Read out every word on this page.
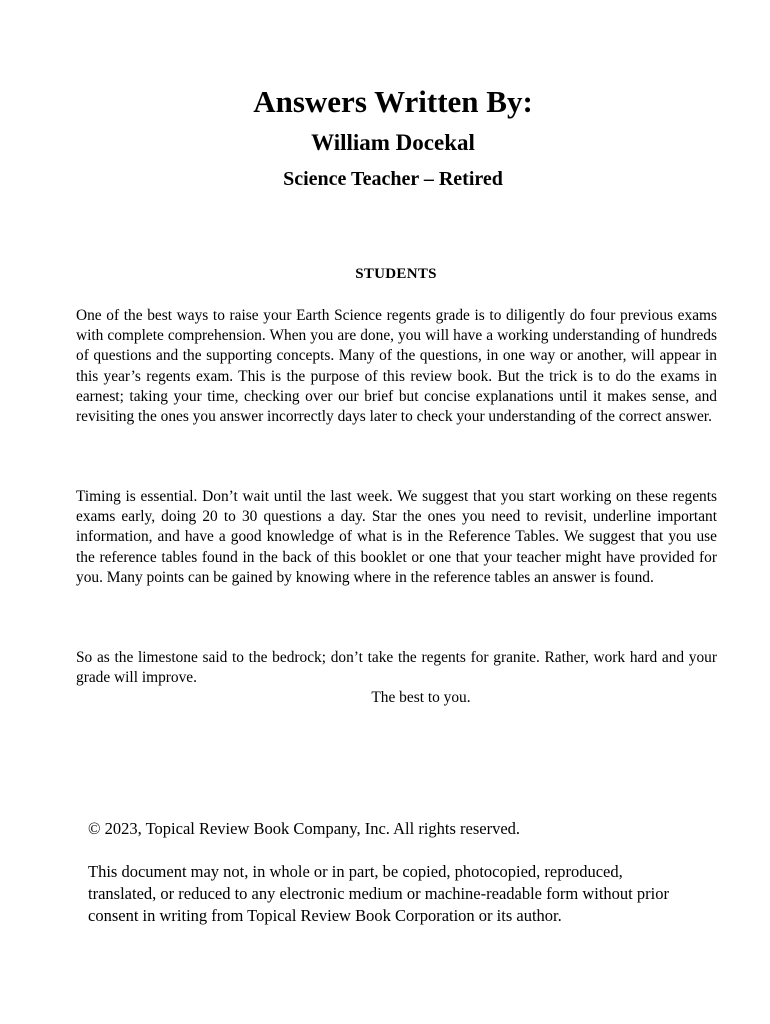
Answers Written By:
William Docekal
Science Teacher – Retired
STUDENTS

One of the best ways to raise your Earth Science regents grade is to diligently do four previous exams with complete comprehension. When you are done, you will have a working understanding of hundreds of questions and the supporting concepts. Many of the questions, in one way or another, will appear in this year’s regents exam. This is the purpose of this review book. But the trick is to do the exams in earnest; taking your time, checking over our brief but concise explanations until it makes sense, and revisiting the ones you answer incorrectly days later to check your understanding of the correct answer.

Timing is essential. Don’t wait until the last week. We suggest that you start working on these regents exams early, doing 20 to 30 questions a day. Star the ones you need to revisit, underline important information, and have a good knowledge of what is in the Reference Tables. We suggest that you use the reference tables found in the back of this booklet or one that your teacher might have provided for you. Many points can be gained by knowing where in the reference tables an answer is found.

So as the limestone said to the bedrock; don’t take the regents for granite. Rather, work hard and your grade will improve.

The best to you.

© 2023, Topical Review Book Company, Inc. All rights reserved.

This document may not, in whole or in part, be copied, photocopied, reproduced, translated, or reduced to any electronic medium or machine-readable form without prior consent in writing from Topical Review Book Corporation or its author.
